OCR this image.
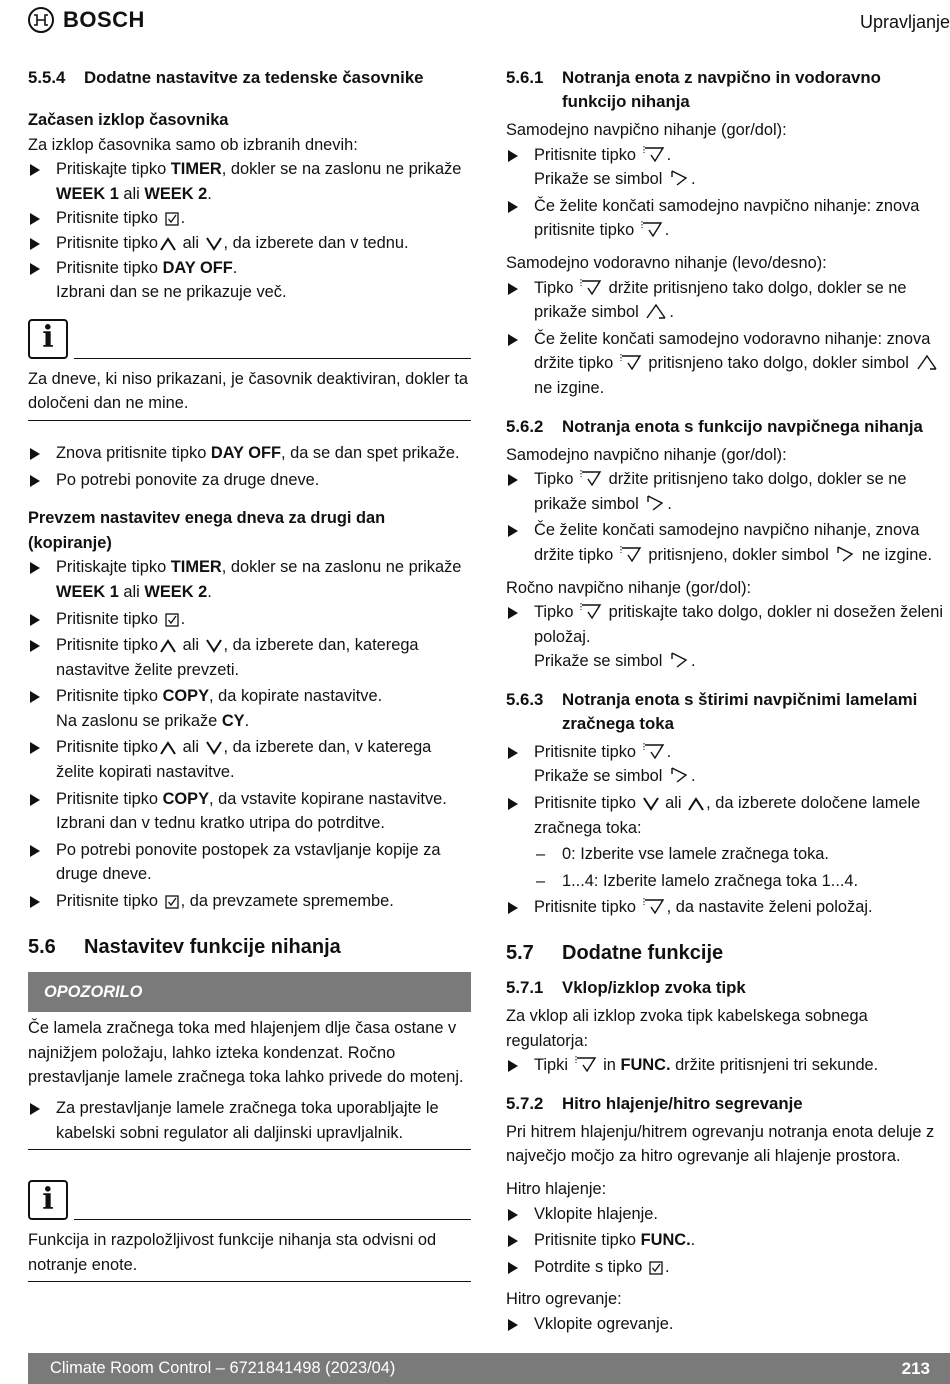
BOSCH	Upravljanje
5.5.4	Dodatne nastavitve za tedenske časovnike

Začasen izklop časovnika

Za izklop časovnika samo ob izbranih dnevih:

Pritiskajte tipko TIMER, dokler se na zaslonu ne prikaže WEEK 1 ali WEEK 2.
Pritisnite tipko .
Pritisnite tipko ali , da izberete dan v tednu.
Pritisnite tipko DAY OFF.
Izbrani dan se ne prikazuje več.
i

Za dneve, ki niso prikazani, je časovnik deaktiviran, dokler ta določeni dan ne mine.

Znova pritisnite tipko DAY OFF, da se dan spet prikaže.
Po potrebi ponovite za druge dneve.

Prevzem nastavitev enega dneva za drugi dan (kopiranje)

Pritiskajte tipko TIMER, dokler se na zaslonu ne prikaže WEEK 1 ali WEEK 2.
Pritisnite tipko .
Pritisnite tipko ali , da izberete dan, katerega nastavitve želite prevzeti.
Pritisnite tipko COPY, da kopirate nastavitve.
Na zaslonu se prikaže CY.
Pritisnite tipko ali , da izberete dan, v katerega želite kopirati nastavitve.
Pritisnite tipko COPY, da vstavite kopirane nastavitve.
Izbrani dan v tednu kratko utripa do potrditve.
Po potrebi ponovite postopek za vstavljanje kopije za druge dneve.
Pritisnite tipko , da prevzamete spremembe.
5.6	Nastavitev funkcije nihanja
OPOZORILO

Če lamela zračnega toka med hlajenjem dlje časa ostane v najnižjem položaju, lahko izteka kondenzat. Ročno prestavljanje lamele zračnega toka lahko privede do motenj.

Za prestavljanje lamele zračnega toka uporabljajte le kabelski sobni regulator ali daljinski upravljalnik.
i

Funkcija in razpoložljivost funkcije nihanja sta odvisni od notranje enote.

5.6.1	Notranja enota z navpično in vodoravno funkcijo nihanja

Samodejno navpično nihanje (gor/dol):

Pritisnite tipko .
Prikaže se simbol .
Če želite končati samodejno navpično nihanje: znova pritisnite tipko .

Samodejno vodoravno nihanje (levo/desno):

Tipko  držite pritisnjeno tako dolgo, dokler se ne prikaže simbol .
Če želite končati samodejno vodoravno nihanje: znova držite tipko  pritisnjeno tako dolgo, dokler simbol  ne izgine.
5.6.2	Notranja enota s funkcijo navpičnega nihanja

Samodejno navpično nihanje (gor/dol):

Tipko  držite pritisnjeno tako dolgo, dokler se ne prikaže simbol .
Če želite končati samodejno navpično nihanje, znova držite tipko  pritisnjeno, dokler simbol  ne izgine.

Ročno navpično nihanje (gor/dol):

Tipko  pritiskajte tako dolgo, dokler ni dosežen želeni položaj.
Prikaže se simbol .
5.6.3	Notranja enota s štirimi navpičnimi lamelami zračnega toka
Pritisnite tipko .
Prikaže se simbol .
Pritisnite tipko  ali , da izberete določene lamele zračnega toka:
– 0: Izberite vse lamele zračnega toka.
– 1...4: Izberite lamelo zračnega toka 1...4.
Pritisnite tipko , da nastavite želeni položaj.
5.7	Dodatne funkcije
5.7.1	Vklop/izklop zvoka tipk

Za vklop ali izklop zvoka tipk kabelskega sobnega regulatorja:

Tipki  in FUNC. držite pritisnjeni tri sekunde.
5.7.2	Hitro hlajenje/hitro segrevanje

Pri hitrem hlajenju/hitrem ogrevanju notranja enota deluje z največjo močjo za hitro ogrevanje ali hlajenje prostora.

Hitro hlajenje:

Vklopite hlajenje.
Pritisnite tipko FUNC..
Potrdite s tipko .

Hitro ogrevanje:

Vklopite ogrevanje.
Climate Room Control – 6721841498 (2023/04)	213
